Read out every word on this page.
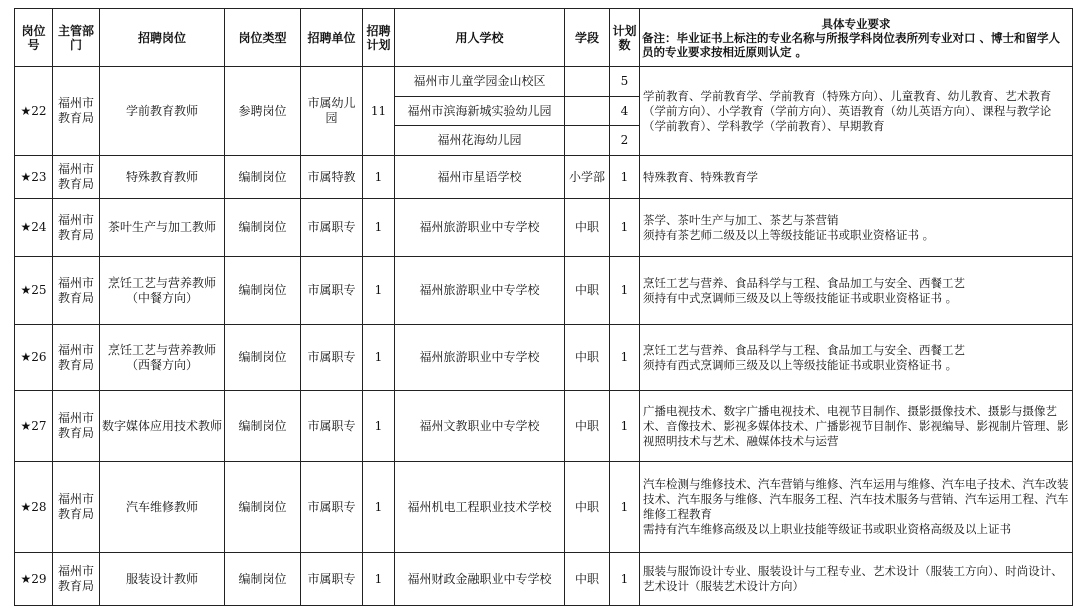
岗位号	主管部门	招聘岗位	岗位类型	招聘单位	招聘计划	用人学校	学段	计划数	具体专业要求
备注：毕业证书上标注的专业名称与所报学科岗位表所列专业对口 、博士和留学人员的专业要求按相近原则认定 。

★22	福州市教育局	学前教育教师	参聘岗位	市属幼儿园	11	福州市儿童学园金山校区		5	学前教育、学前教育学、学前教育（特殊方向）、儿童教育、幼儿教育、艺术教育（学前方向）、小学教育（学前方向）、英语教育（幼儿英语方向）、课程与教学论（学前教育）、学科教学（学前教育）、早期教育
						福州市滨海新城实验幼儿园		4	
						福州花海幼儿园		2	
★23	福州市教育局	特殊教育教师	编制岗位	市属特教	1	福州市星语学校	小学部	1	特殊教育、特殊教育学
★24	福州市教育局	茶叶生产与加工教师	编制岗位	市属职专	1	福州旅游职业中专学校	中职	1	茶学、茶叶生产与加工、茶艺与茶营销
须持有茶艺师二级及以上等级技能证书或职业资格证书 。
★25	福州市教育局	烹饪工艺与营养教师（中餐方向）	编制岗位	市属职专	1	福州旅游职业中专学校	中职	1	烹饪工艺与营养、食品科学与工程、食品加工与安全、西餐工艺
须持有中式烹调师三级及以上等级技能证书或职业资格证书 。
★26	福州市教育局	烹饪工艺与营养教师（西餐方向）	编制岗位	市属职专	1	福州旅游职业中专学校	中职	1	烹饪工艺与营养、食品科学与工程、食品加工与安全、西餐工艺
须持有西式烹调师三级及以上等级技能证书或职业资格证书 。
★27	福州市教育局	数字媒体应用技术教师	编制岗位	市属职专	1	福州文教职业中专学校	中职	1	广播电视技术、数字广播电视技术、电视节目制作、摄影摄像技术、摄影与摄像艺术、音像技术、影视多媒体技术、广播影视节目制作、影视编导、影视制片管理、影视照明技术与艺术、融媒体技术与运营
★28	福州市教育局	汽车维修教师	编制岗位	市属职专	1	福州机电工程职业技术学校	中职	1	汽车检测与维修技术、汽车营销与维修、汽车运用与维修、汽车电子技术、汽车改装技术、汽车服务与维修、汽车服务工程、汽车技术服务与营销、汽车运用工程、汽车维修工程教育
需持有汽车维修高级及以上职业技能等级证书或职业资格高级及以上证书
★29	福州市教育局	服装设计教师	编制岗位	市属职专	1	福州财政金融职业中专学校	中职	1	服装与服饰设计专业、服装设计与工程专业、艺术设计（服装工方向）、时尚设计、艺术设计（服装艺术设计方向）
